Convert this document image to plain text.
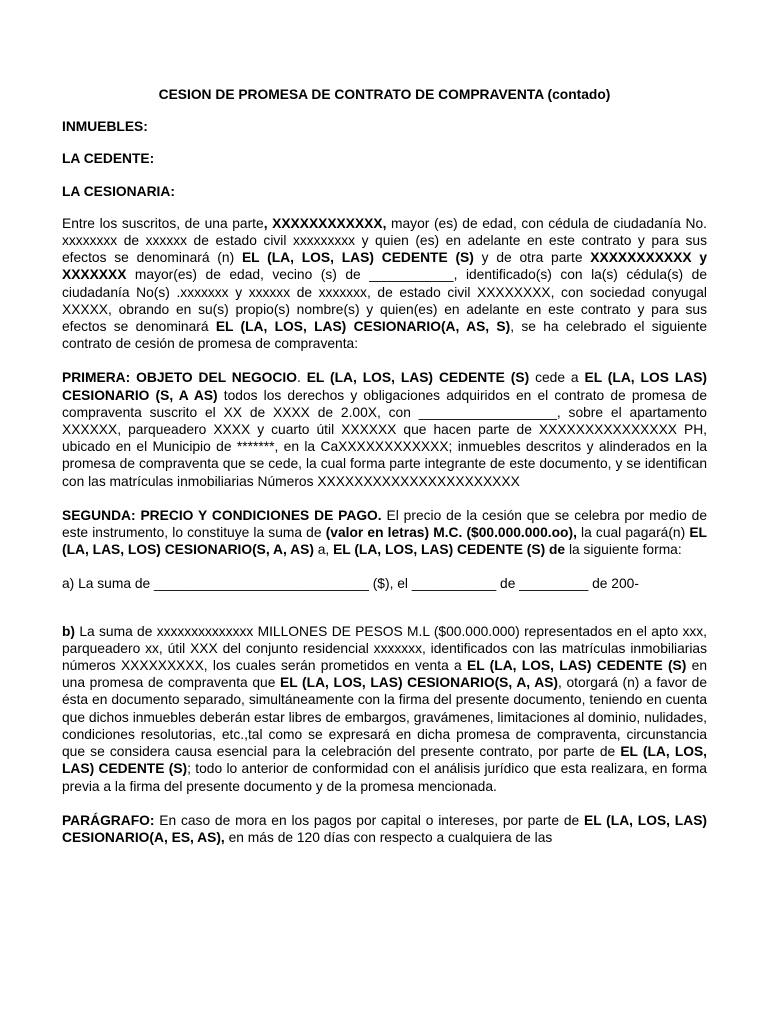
CESION DE PROMESA DE CONTRATO DE COMPRAVENTA (contado)
INMUEBLES:
LA CEDENTE:
LA CESIONARIA:
Entre los suscritos, de una parte, XXXXXXXXXXXX, mayor (es) de edad, con cédula de ciudadanía No. xxxxxxxx de xxxxxx de estado civil xxxxxxxxx y quien (es) en adelante en este contrato y para sus efectos se denominará (n) EL (LA, LOS, LAS) CEDENTE (S) y de otra parte XXXXXXXXXXX y XXXXXXX mayor(es) de edad, vecino (s) de ___________, identificado(s) con la(s) cédula(s) de ciudadanía No(s) .xxxxxxx y xxxxxx de xxxxxxx, de estado civil XXXXXXXX, con sociedad conyugal XXXXX, obrando en su(s) propio(s) nombre(s) y quien(es) en adelante en este contrato y para sus efectos se denominará EL (LA, LOS, LAS) CESIONARIO(A, AS, S), se ha celebrado el siguiente contrato de cesión de promesa de compraventa:
PRIMERA: OBJETO DEL NEGOCIO. EL (LA, LOS, LAS) CEDENTE (S) cede a EL (LA, LOS LAS) CESIONARIO (S, A AS) todos los derechos y obligaciones adquiridos en el contrato de promesa de compraventa suscrito el XX de XXXX de 2.00X, con __________________, sobre el apartamento XXXXXX, parqueadero XXXX y cuarto útil XXXXXX que hacen parte de XXXXXXXXXXXXXXX PH, ubicado en el Municipio de *******, en la CaXXXXXXXXXXXX; inmuebles descritos y alinderados en la promesa de compraventa que se cede, la cual forma parte integrante de este documento, y se identifican con las matrículas inmobiliarias Números XXXXXXXXXXXXXXXXXXXXXX
SEGUNDA: PRECIO Y CONDICIONES DE PAGO. El precio de la cesión que se celebra por medio de este instrumento, lo constituye la suma de (valor en letras) M.C. ($00.000.000.oo), la cual pagará(n) EL (LA, LAS, LOS) CESIONARIO(S, A, AS) a, EL (LA, LOS, LAS) CEDENTE (S) de la siguiente forma:
a) La suma de ____________________________ ($), el ___________ de _________ de 200-
b) La suma de xxxxxxxxxxxxxx MILLONES DE PESOS M.L ($00.000.000) representados en el apto xxx, parqueadero xx, útil XXX del conjunto residencial xxxxxxx, identificados con las matrículas inmobiliarias números XXXXXXXXX, los cuales serán prometidos en venta a EL (LA, LOS, LAS) CEDENTE (S) en una promesa de compraventa que EL (LA, LOS, LAS) CESIONARIO(S, A, AS), otorgará (n) a favor de ésta en documento separado, simultáneamente con la firma del presente documento, teniendo en cuenta que dichos inmuebles deberán estar libres de embargos, gravámenes, limitaciones al dominio, nulidades, condiciones resolutorias, etc.,tal como se expresará en dicha promesa de compraventa, circunstancia que se considera causa esencial para la celebración del presente contrato, por parte de EL (LA, LOS, LAS) CEDENTE (S); todo lo anterior de conformidad con el análisis jurídico que esta realizara, en forma previa a la firma del presente documento y de la promesa mencionada.
PARÁGRAFO: En caso de mora en los pagos por capital o intereses, por parte de EL (LA, LOS, LAS) CESIONARIO(A, ES, AS), en más de 120 días con respecto a cualquiera de las
